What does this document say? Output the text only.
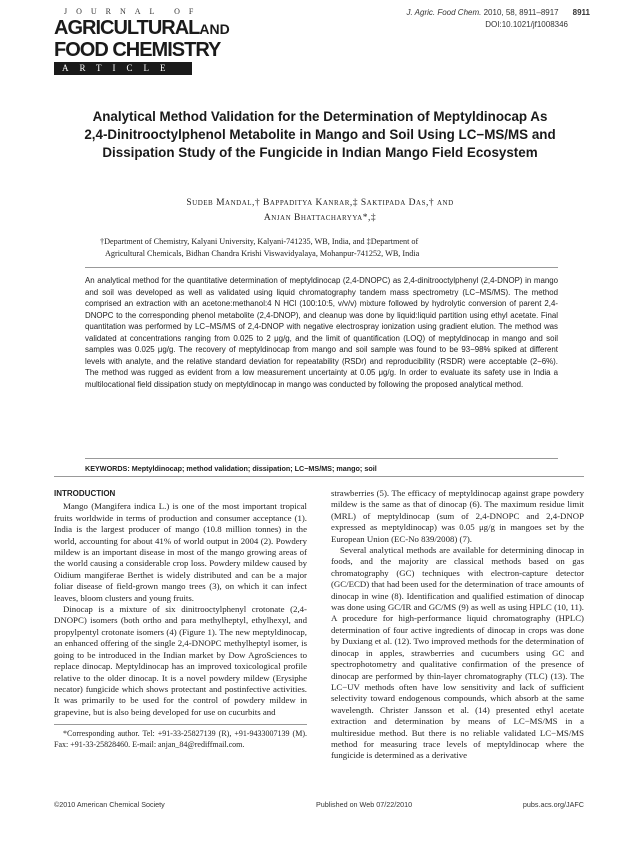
JOURNAL OF
AGRICULTURALAND
FOOD CHEMISTRY
ARTICLE
J. Agric. Food Chem. 2010, 58, 8911–8917 8911
DOI:10.1021/jf1008346
Analytical Method Validation for the Determination of Meptyldinocap As 2,4-Dinitrooctylphenol Metabolite in Mango and Soil Using LC−MS/MS and Dissipation Study of the Fungicide in Indian Mango Field Ecosystem
Sudeb Mandal,† Bappaditya Kanrar,‡ Saktipada Das,† and
Anjan Bhattacharyya*,‡
†Department of Chemistry, Kalyani University, Kalyani-741235, WB, India, and ‡Department of
Agricultural Chemicals, Bidhan Chandra Krishi Viswavidyalaya, Mohanpur-741252, WB, India
An analytical method for the quantitative determination of meptyldinocap (2,4-DNOPC) as 2,4-dinitrooctylphenyl (2,4-DNOP) in mango and soil was developed as well as validated using liquid chromatography tandem mass spectrometry (LC−MS/MS). The method comprised an extraction with an acetone:methanol:4 N HCl (100:10:5, v/v/v) mixture followed by hydrolytic conversion of parent 2,4-DNOPC to the corresponding phenol metabolite (2,4-DNOP), and cleanup was done by liquid:liquid partition using ethyl acetate. Final quantitation was performed by LC−MS/MS of 2,4-DNOP with negative electrospray ionization using gradient elution. The method was validated at concentrations ranging from 0.025 to 2 μg/g, and the limit of quantification (LOQ) of meptyldinocap in mango and soil samples was 0.025 μg/g. The recovery of meptyldinocap from mango and soil sample was found to be 93−98% spiked at different levels with analyte, and the relative standard deviation for repeatability (RSDr) and reproducibility (RSDR) were acceptable (2−6%). The method was rugged as evident from a low measurement uncertainty at 0.05 μg/g. In order to evaluate its safety use in India a multilocational field dissipation study on meptyldinocap in mango was conducted by following the proposed analytical method.
KEYWORDS: Meptyldinocap; method validation; dissipation; LC−MS/MS; mango; soil

INTRODUCTION

Mango (Mangifera indica L.) is one of the most important tropical fruits worldwide in terms of production and consumer acceptance (1). India is the largest producer of mango (10.8 million tonnes) in the world, accounting for about 41% of world output in 2004 (2). Powdery mildew is an important disease in most of the mango growing areas of the world causing a considerable crop loss. Powdery mildew caused by Oidium mangiferae Berthet is widely distributed and can be a major foliar disease of field-grown mango trees (3), on which it can infect leaves, bloom clusters and young fruits.

Dinocap is a mixture of six dinitrooctylphenyl crotonate (2,4-DNOPC) isomers (both ortho and para methylheptyl, ethylhexyl, and propylpentyl crotonate isomers (4) (Figure 1). The new meptyldinocap, an enhanced offering of the single 2,4-DNOPC methylheptyl isomer, is going to be introduced in the Indian market by Dow AgroSciences to replace dinocap. Meptyldinocap has an improved toxicological profile relative to the older dinocap. It is a novel powdery mildew (Erysiphe necator) fungicide which shows protectant and postinfective activities. It was primarily to be used for the control of powdery mildew in grapevine, but is also being developed for use on cucurbits and

*Corresponding author. Tel: +91-33-25827139 (R), +91-9433007139 (M). Fax: +91-33-25828460. E-mail: anjan_84@rediffmail.com.

strawberries (5). The efficacy of meptyldinocap against grape powdery mildew is the same as that of dinocap (6). The maximum residue limit (MRL) of meptyldinocap (sum of 2,4-DNOPC and 2,4-DNOP expressed as meptyldinocap) was 0.05 μg/g in mangoes set by the European Union (EC-No 839/2008) (7).

Several analytical methods are available for determining dinocap in foods, and the majority are classical methods based on gas chromatography (GC) techniques with electron-capture detector (GC/ECD) that had been used for the determination of trace amounts of dinocap in wine (8). Identification and qualified estimation of dinocap was done using GC/IR and GC/MS (9) as well as using HPLC (10, 11). A procedure for high-performance liquid chromatography (HPLC) determination of four active ingredients of dinocap in crops was done by Duxiang et al. (12). Two improved methods for the determination of dinocap in apples, strawberries and cucumbers using GC and spectrophotometry and qualitative confirmation of the presence of dinocap are performed by thin-layer chromatography (TLC) (13). The LC−UV methods often have low sensitivity and lack of sufficient selectivity toward endogenous compounds, which absorb at the same wavelength. Christer Jansson et al. (14) presented ethyl acetate extraction and determination by means of LC−MS/MS in a multiresidue method. But there is no reliable validated LC−MS/MS method for measuring trace levels of meptyldinocap where the fungicide is determined as a derivative

©2010 American Chemical Society	Published on Web 07/22/2010	pubs.acs.org/JAFC
